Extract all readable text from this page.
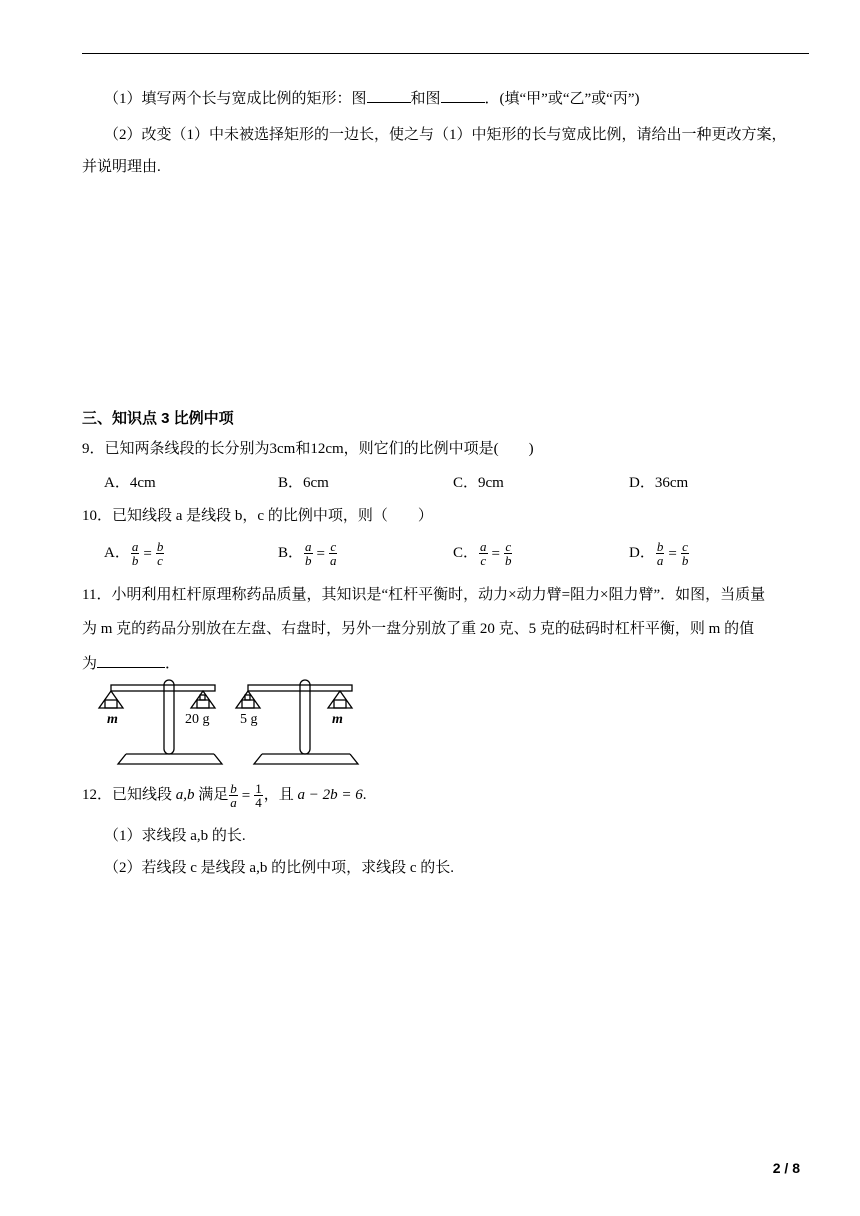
（1）填写两个长与宽成比例的矩形：图	和图	．(填“甲”或“乙”或“丙”)
（2）改变（1）中未被选择矩形的一边长，使之与（1）中矩形的长与宽成比例，请给出一种更改方案，
并说明理由.
三、知识点 3 比例中项
9．已知两条线段的长分别为3cm和12cm，则它们的比例中项是(　　)
A．4cm	B．6cm	C．9cm	D．36cm
10．已知线段 a 是线段 b，c 的比例中项，则（　　）
A． $\frac{a}{b} = \frac{b}{c}$	B． $\frac{a}{b} = \frac{c}{a}$	C． $\frac{a}{c} = \frac{c}{b}$	D． $\frac{b}{a} = \frac{c}{b}$
11．小明利用杠杆原理称药品质量，其知识是“杠杆平衡时，动力×动力臂=阻力×阻力臂”．如图，当质量
为 m 克的药品分别放在左盘、右盘时，另外一盘分别放了重 20 克、5 克的砝码时杠杆平衡，则 m 的值
为	．
m	20 g 5 g	m
12．已知线段 a,b 满足 $\frac{b}{a} = \frac{1}{4}$ ，且 a − 2b = 6.
（1）求线段 a,b 的长.
（2）若线段 c 是线段 a,b 的比例中项，求线段 c 的长.
2 / 8
